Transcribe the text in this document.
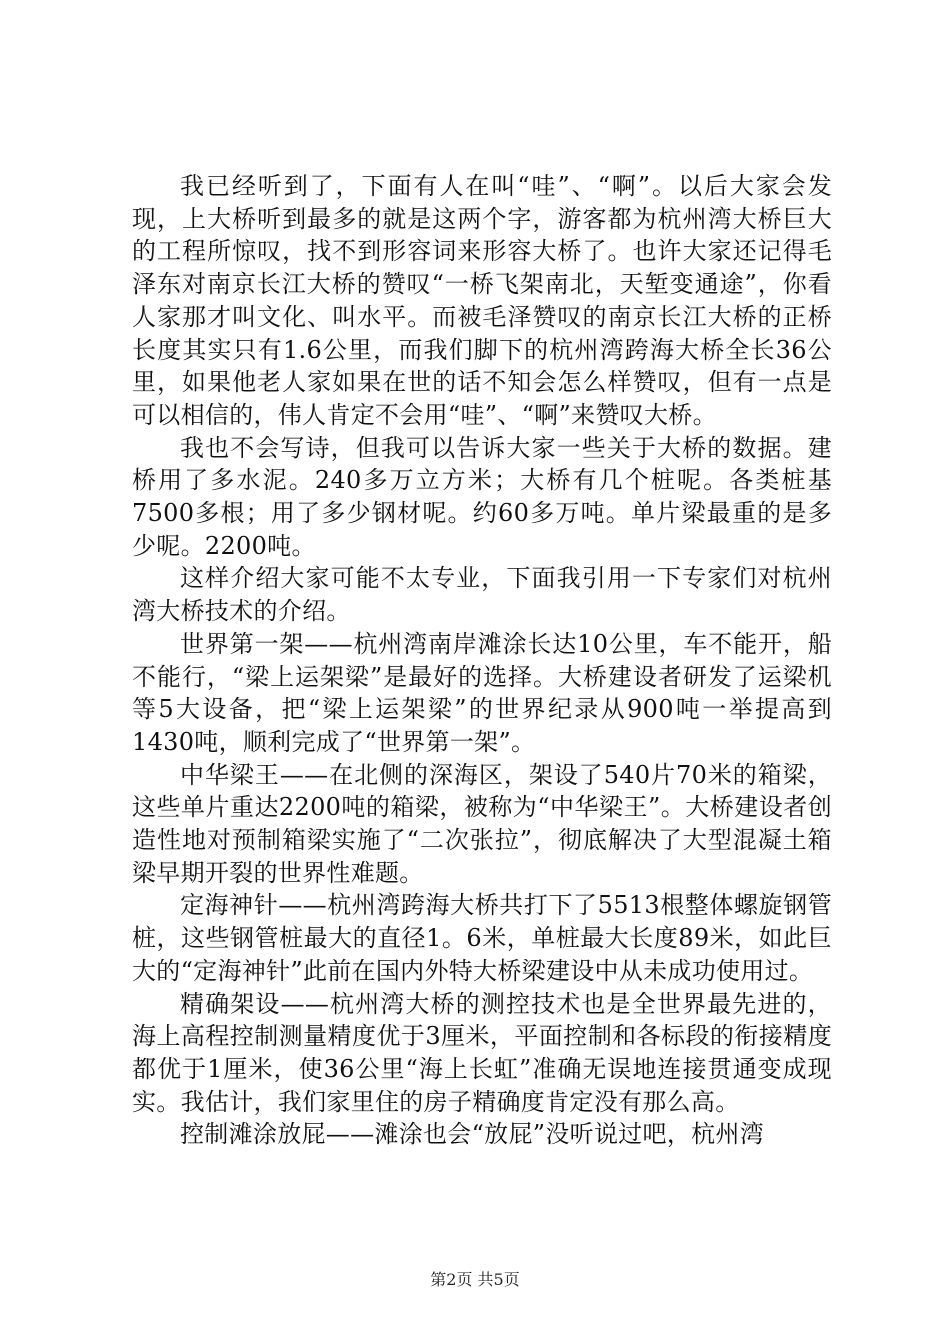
我已经听到了，下面有人在叫“哇”、“啊”。以后大家会发现，上大桥听到最多的就是这两个字，游客都为杭州湾大桥巨大的工程所惊叹，找不到形容词来形容大桥了。也许大家还记得毛泽东对南京长江大桥的赞叹“一桥飞架南北，天堑变通途”，你看人家那才叫文化、叫水平。而被毛泽赞叹的南京长江大桥的正桥长度其实只有1.6公里，而我们脚下的杭州湾跨海大桥全长36公里，如果他老人家如果在世的话不知会怎么样赞叹，但有一点是可以相信的，伟人肯定不会用“哇”、“啊”来赞叹大桥。

我也不会写诗，但我可以告诉大家一些关于大桥的数据。建桥用了多水泥。240多万立方米；大桥有几个桩呢。各类桩基7500多根；用了多少钢材呢。约60多万吨。单片梁最重的是多少呢。2200吨。

这样介绍大家可能不太专业，下面我引用一下专家们对杭州湾大桥技术的介绍。

世界第一架——杭州湾南岸滩涂长达10公里，车不能开，船不能行，“梁上运架梁”是最好的选择。大桥建设者研发了运梁机等5大设备，把“梁上运架梁”的世界纪录从900吨一举提高到1430吨，顺利完成了“世界第一架”。

中华梁王——在北侧的深海区，架设了540片70米的箱梁，这些单片重达2200吨的箱梁，被称为“中华梁王”。大桥建设者创造性地对预制箱梁实施了“二次张拉”，彻底解决了大型混凝土箱梁早期开裂的世界性难题。

定海神针——杭州湾跨海大桥共打下了5513根整体螺旋钢管桩，这些钢管桩最大的直径1。6米，单桩最大长度89米，如此巨大的“定海神针”此前在国内外特大桥梁建设中从未成功使用过。

精确架设——杭州湾大桥的测控技术也是全世界最先进的，海上高程控制测量精度优于3厘米，平面控制和各标段的衔接精度都优于1厘米，使36公里“海上长虹”准确无误地连接贯通变成现实。我估计，我们家里住的房子精确度肯定没有那么高。

控制滩涂放屁——滩涂也会“放屁”没听说过吧，杭州湾

第2页 共5页
